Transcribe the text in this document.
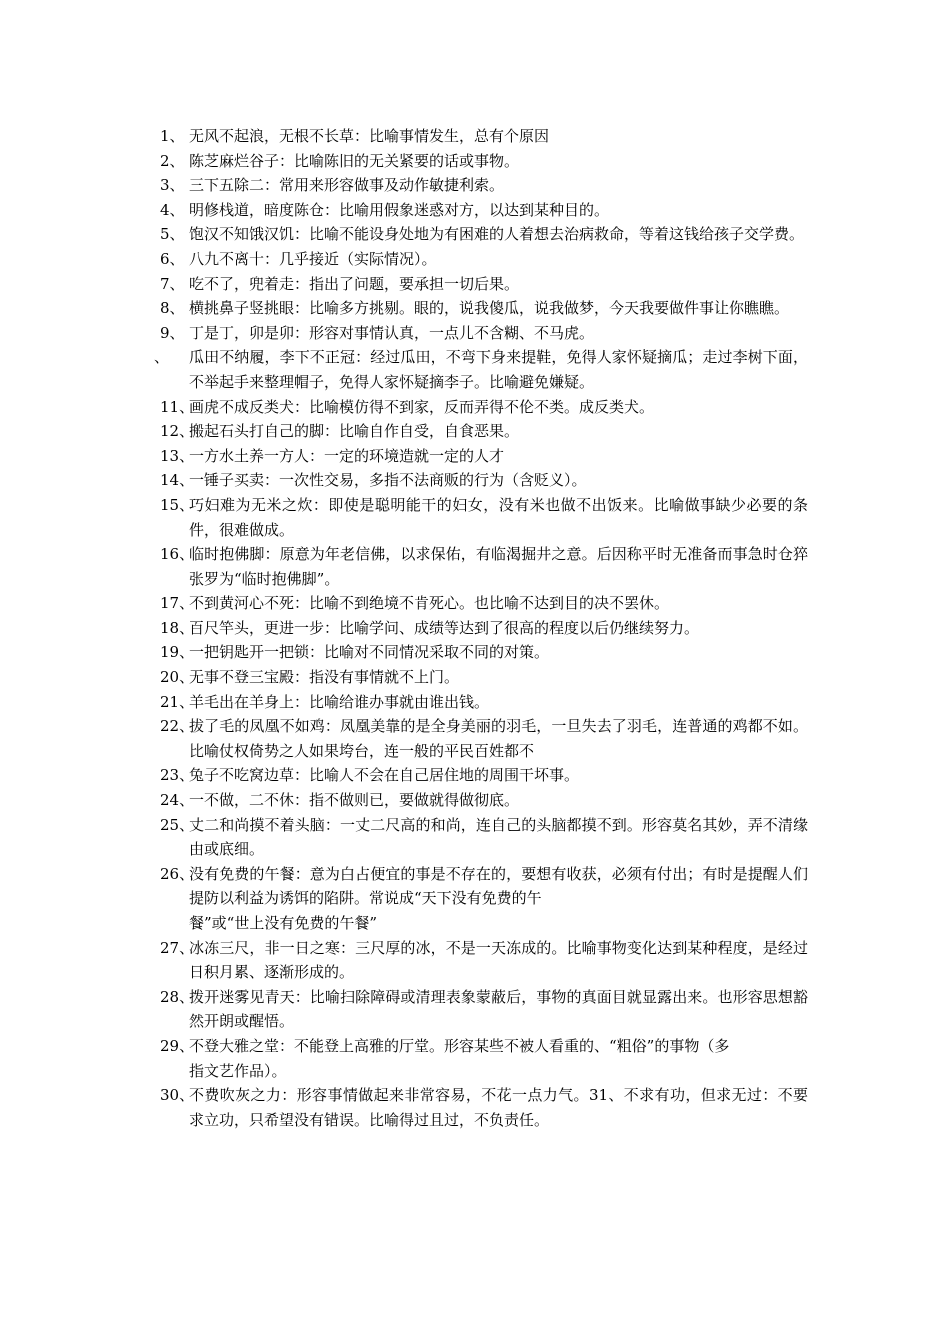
1、 无风不起浪，无根不长草：比喻事情发生，总有个原因
2、 陈芝麻烂谷子：比喻陈旧的无关紧要的话或事物。
3、 三下五除二：常用来形容做事及动作敏捷利索。
4、 明修栈道，暗度陈仓：比喻用假象迷惑对方，以达到某种目的。
5、 饱汉不知饿汉饥：比喻不能设身处地为有困难的人着想去治病救命，等着这钱给孩子交学费。
6、 八九不离十：几乎接近（实际情况）。
7、 吃不了，兜着走：指出了问题，要承担一切后果。
8、 横挑鼻子竖挑眼：比喻多方挑剔。眼的，说我傻瓜，说我做梦，今天我要做件事让你瞧瞧。
9、 丁是丁，卯是卯：形容对事情认真，一点儿不含糊、不马虎。
、 瓜田不纳履，李下不正冠：经过瓜田，不弯下身来提鞋，免得人家怀疑摘瓜；走过李树下面，不举起手来整理帽子，免得人家怀疑摘李子。比喻避免嫌疑。
11、
画虎不成反类犬：比喻模仿得不到家，反而弄得不伦不类。成反类犬。
12、
搬起石头打自己的脚：比喻自作自受，自食恶果。
13、
一方水土养一方人：一定的环境造就一定的人才
14、
一锤子买卖：一次性交易，多指不法商贩的行为（含贬义）。
15、
巧妇难为无米之炊：即使是聪明能干的妇女，没有米也做不出饭来。比喻做事缺少必要的条件，很难做成。
16、
临时抱佛脚：原意为年老信佛，以求保佑，有临渴掘井之意。后因称平时无准备而事急时仓猝张罗为“临时抱佛脚”。
17、
不到黄河心不死：比喻不到绝境不肯死心。也比喻不达到目的决不罢休。
18、
百尺竿头，更进一步：比喻学问、成绩等达到了很高的程度以后仍继续努力。
19、
一把钥匙开一把锁：比喻对不同情况采取不同的对策。
20、
无事不登三宝殿：指没有事情就不上门。
21、
羊毛出在羊身上：比喻给谁办事就由谁出钱。
22、
拔了毛的凤凰不如鸡：凤凰美靠的是全身美丽的羽毛，一旦失去了羽毛，连普通的鸡都不如。比喻仗权倚势之人如果垮台，连一般的平民百姓都不
23、
兔子不吃窝边草：比喻人不会在自己居住地的周围干坏事。
24、
一不做，二不休：指不做则已，要做就得做彻底。
25、
丈二和尚摸不着头脑：一丈二尺高的和尚，连自己的头脑都摸不到。形容莫名其妙，弄不清缘由或底细。
26、
没有免费的午餐：意为白占便宜的事是不存在的，要想有收获，必须有付出；有时是提醒人们提防以利益为诱饵的陷阱。常说成“天下没有免费的午
餐”或“世上没有免费的午餐”
27、
冰冻三尺，非一日之寒：三尺厚的冰，不是一天冻成的。比喻事物变化达到某种程度，是经过日积月累、逐渐形成的。
28、
拨开迷雾见青天：比喻扫除障碍或清理表象蒙蔽后，事物的真面目就显露出来。也形容思想豁然开朗或醒悟。
29、
不登大雅之堂：不能登上高雅的厅堂。形容某些不被人看重的、“粗俗”的事物（多
指文艺作品）。
30、
不费吹灰之力：形容事情做起来非常容易，不花一点力气。31、不求有功，但求无过：不要求立功，只希望没有错误。比喻得过且过，不负责任。
